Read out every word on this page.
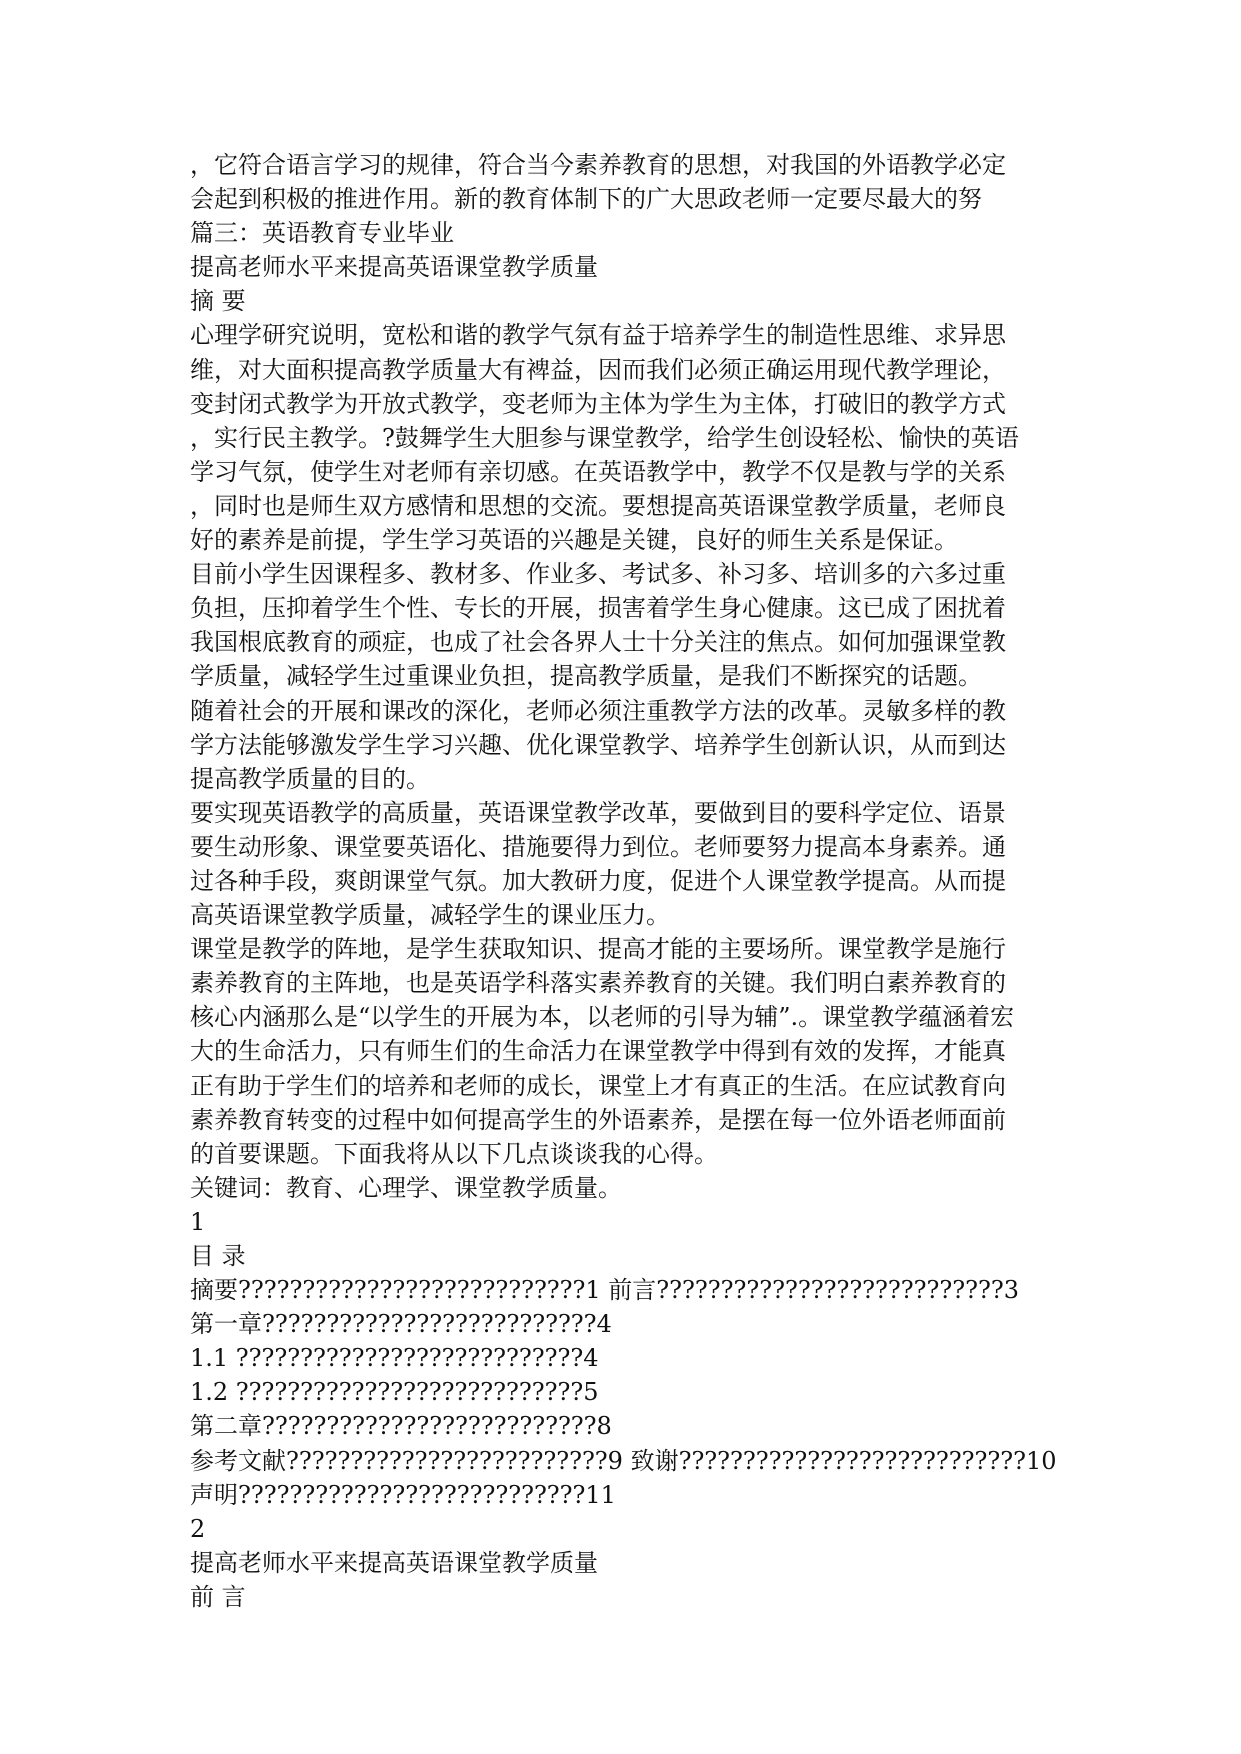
，它符合语言学习的规律，符合当今素养教育的思想，对我国的外语教学必定
会起到积极的推进作用。新的教育体制下的广大思政老师一定要尽最大的努
篇三：英语教育专业毕业
提高老师水平来提高英语课堂教学质量
摘 要
心理学研究说明，宽松和谐的教学气氛有益于培养学生的制造性思维、求异思
维，对大面积提高教学质量大有裨益，因而我们必须正确运用现代教学理论，
变封闭式教学为开放式教学，变老师为主体为学生为主体，打破旧的教学方式
，实行民主教学。?鼓舞学生大胆参与课堂教学，给学生创设轻松、愉快的英语
学习气氛，使学生对老师有亲切感。在英语教学中，教学不仅是教与学的关系
，同时也是师生双方感情和思想的交流。要想提高英语课堂教学质量，老师良
好的素养是前提，学生学习英语的兴趣是关键，良好的师生关系是保证。
目前小学生因课程多、教材多、作业多、考试多、补习多、培训多的六多过重
负担，压抑着学生个性、专长的开展，损害着学生身心健康。这已成了困扰着
我国根底教育的顽症，也成了社会各界人士十分关注的焦点。如何加强课堂教
学质量，减轻学生过重课业负担，提高教学质量，是我们不断探究的话题。
随着社会的开展和课改的深化，老师必须注重教学方法的改革。灵敏多样的教
学方法能够激发学生学习兴趣、优化课堂教学、培养学生创新认识，从而到达
提高教学质量的目的。
要实现英语教学的高质量，英语课堂教学改革，要做到目的要科学定位、语景
要生动形象、课堂要英语化、措施要得力到位。老师要努力提高本身素养。通
过各种手段，爽朗课堂气氛。加大教研力度，促进个人课堂教学提高。从而提
高英语课堂教学质量，减轻学生的课业压力。
课堂是教学的阵地，是学生获取知识、提高才能的主要场所。课堂教学是施行
素养教育的主阵地，也是英语学科落实素养教育的关键。我们明白素养教育的
核心内涵那么是“以学生的开展为本，以老师的引导为辅”.。课堂教学蕴涵着宏
大的生命活力，只有师生们的生命活力在课堂教学中得到有效的发挥，才能真
正有助于学生们的培养和老师的成长，课堂上才有真正的生活。在应试教育向
素养教育转变的过程中如何提高学生的外语素养，是摆在每一位外语老师面前
的首要课题。下面我将从以下几点谈谈我的心得。
关键词：教育、心理学、课堂教学质量。
1
目 录
摘要???????????????????????????1 前言???????????????????????????3
第一章??????????????????????????4
1.1 ???????????????????????????4
1.2 ???????????????????????????5
第二章??????????????????????????8
参考文献?????????????????????????9 致谢???????????????????????????10
声明???????????????????????????11
2
提高老师水平来提高英语课堂教学质量
前 言
